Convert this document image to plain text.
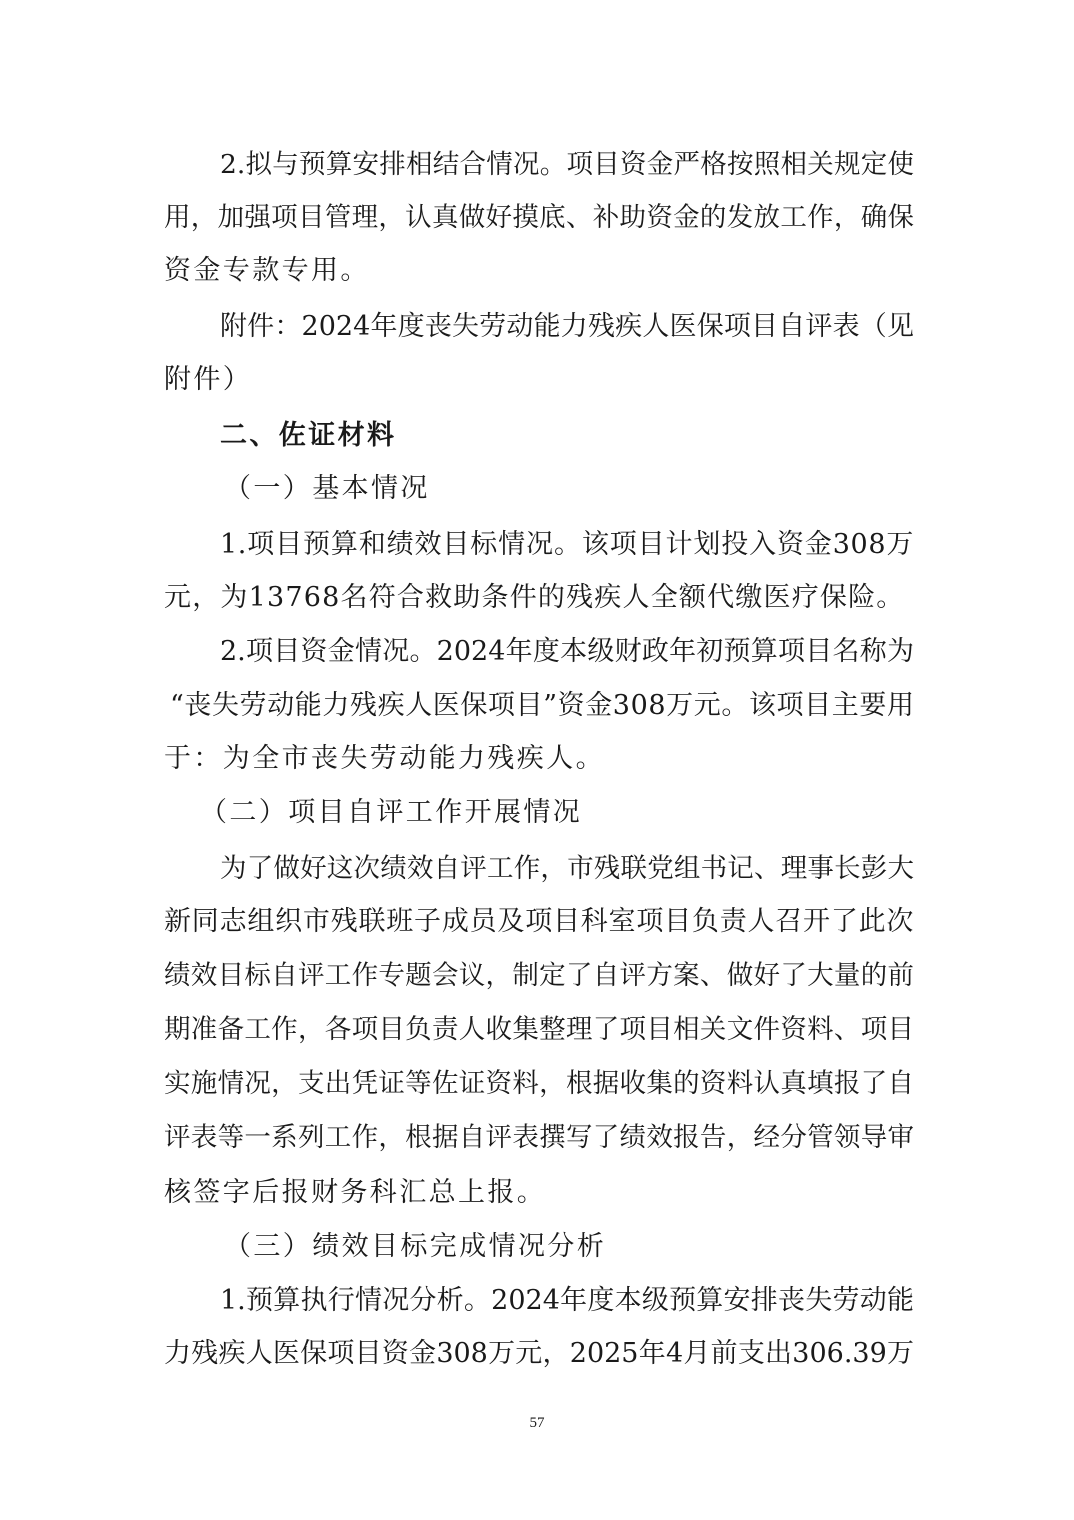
2.拟与预算安排相结合情况。项目资金严格按照相关规定使
用，加强项目管理，认真做好摸底、补助资金的发放工作，确保
资金专款专用。
附件：2024年度丧失劳动能力残疾人医保项目自评表（见
附件）
二、佐证材料
（一）基本情况
1.项目预算和绩效目标情况。该项目计划投入资金308万
元，为13768名符合救助条件的残疾人全额代缴医疗保险。
2.项目资金情况。2024年度本级财政年初预算项目名称为
“丧失劳动能力残疾人医保项目”资金308万元。该项目主要用
于：为全市丧失劳动能力残疾人。
（二）项目自评工作开展情况
为了做好这次绩效自评工作，市残联党组书记、理事长彭大
新同志组织市残联班子成员及项目科室项目负责人召开了此次
绩效目标自评工作专题会议，制定了自评方案、做好了大量的前
期准备工作，各项目负责人收集整理了项目相关文件资料、项目
实施情况，支出凭证等佐证资料，根据收集的资料认真填报了自
评表等一系列工作，根据自评表撰写了绩效报告，经分管领导审
核签字后报财务科汇总上报。
（三）绩效目标完成情况分析
1.预算执行情况分析。2024年度本级预算安排丧失劳动能
力残疾人医保项目资金308万元，2025年4月前支出306.39万
57
